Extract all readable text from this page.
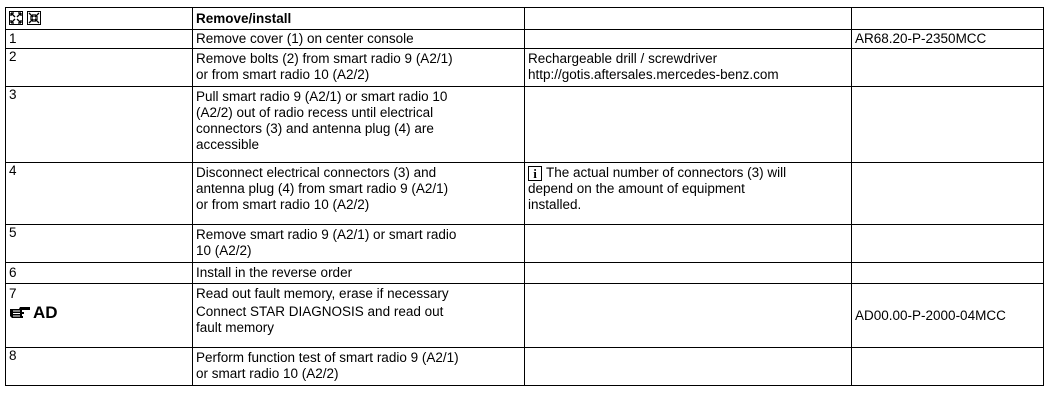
	Remove/install		
1	Remove cover (1) on center console		AR68.20-P-2350MCC
2	Remove bolts (2) from smart radio 9 (A2/1)
or from smart radio 10 (A2/2)	Rechargeable drill / screwdriver
http://gotis.aftersales.mercedes-benz.com	

3	Pull smart radio 9 (A2/1) or smart radio 10
(A2/2) out of radio recess until electrical
connectors (3) and antenna plug (4) are
accessible		

4	Disconnect electrical connectors (3) and
antenna plug (4) from smart radio 9 (A2/1)
or from smart radio 10 (A2/2)	i The actual number of connectors (3) will
depend on the amount of equipment
installed.	

5	Remove smart radio 9 (A2/1) or smart radio
10 (A2/2)		

6	Install in the reverse order		

7
AD	Read out fault memory, erase if necessary
Connect STAR DIAGNOSIS and read out
fault memory		AD00.00-P-2000-04MCC
8	Perform function test of smart radio 9 (A2/1)
or smart radio 10 (A2/2)		
